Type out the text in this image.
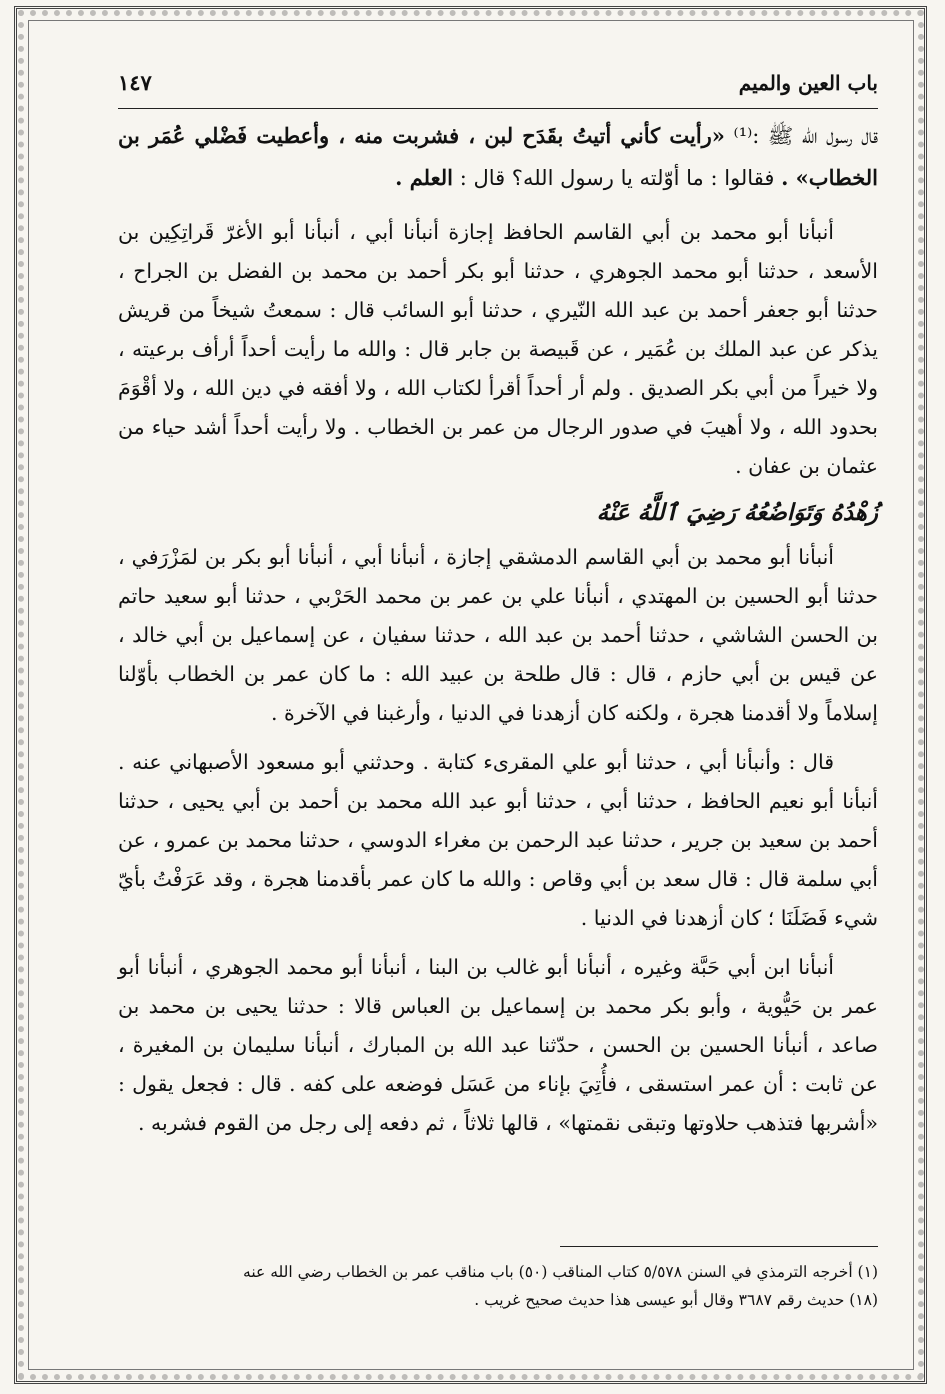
باب العين والميم
١٤٧

قال رسول الله ﷺ :⁽¹⁾ «رأيت كأني أتيتُ بقَدَح لبن ، فشربت منه ، وأعطيت فَضْلي عُمَر بن الخطاب» . فقالوا : ما أوّلته يا رسول الله؟ قال : العلم .

أنبأنا أبو محمد بن أبي القاسم الحافظ إجازة أنبأنا أبي ، أنبأنا أبو الأغرّ قَراتِكِين بن الأسعد ، حدثنا أبو محمد الجوهري ، حدثنا أبو بكر أحمد بن محمد بن الفضل بن الجراح ، حدثنا أبو جعفر أحمد بن عبد الله النّيري ، حدثنا أبو السائب قال : سمعتُ شيخاً من قريش يذكر عن عبد الملك بن عُمَير ، عن قَبيصة بن جابر قال : والله ما رأيت أحداً أرأف برعيته ، ولا خيراً من أبي بكر الصديق . ولم أر أحداً أقرأ لكتاب الله ، ولا أفقه في دين الله ، ولا أقْوَمَ بحدود الله ، ولا أهيبَ في صدور الرجال من عمر بن الخطاب . ولا رأيت أحداً أشد حياء من عثمان بن عفان .

زُهْدُهُ وَتَوَاضُعُهُ رَضِيَ ٱللَّهُ عَنْهُ

أنبأنا أبو محمد بن أبي القاسم الدمشقي إجازة ، أنبأنا أبي ، أنبأنا أبو بكر بن لمَزْرَفي ، حدثنا أبو الحسين بن المهتدي ، أنبأنا علي بن عمر بن محمد الحَرْبي ، حدثنا أبو سعيد حاتم بن الحسن الشاشي ، حدثنا أحمد بن عبد الله ، حدثنا سفيان ، عن إسماعيل بن أبي خالد ، عن قيس بن أبي حازم ، قال : قال طلحة بن عبيد الله : ما كان عمر بن الخطاب بأوّلنا إسلاماً ولا أقدمنا هجرة ، ولكنه كان أزهدنا في الدنيا ، وأرغبنا في الآخرة .

قال : وأنبأنا أبي ، حدثنا أبو علي المقرىء كتابة . وحدثني أبو مسعود الأصبهاني عنه . أنبأنا أبو نعيم الحافظ ، حدثنا أبي ، حدثنا أبو عبد الله محمد بن أحمد بن أبي يحيى ، حدثنا أحمد بن سعيد بن جرير ، حدثنا عبد الرحمن بن مغراء الدوسي ، حدثنا محمد بن عمرو ، عن أبي سلمة قال : قال سعد بن أبي وقاص : والله ما كان عمر بأقدمنا هجرة ، وقد عَرَفْتُ بأيّ شيء فَضَلَنَا ؛ كان أزهدنا في الدنيا .

أنبأنا ابن أبي حَبَّة وغيره ، أنبأنا أبو غالب بن البنا ، أنبأنا أبو محمد الجوهري ، أنبأنا أبو عمر بن حَيُّوية ، وأبو بكر محمد بن إسماعيل بن العباس قالا : حدثنا يحيى بن محمد بن صاعد ، أنبأنا الحسين بن الحسن ، حدّثنا عبد الله بن المبارك ، أنبأنا سليمان بن المغيرة ، عن ثابت : أن عمر استسقى ، فأُتِيَ بإناء من عَسَل فوضعه على كفه . قال : فجعل يقول : «أشربها فتذهب حلاوتها وتبقى نقمتها» ، قالها ثلاثاً ، ثم دفعه إلى رجل من القوم فشربه .

(١) أخرجه الترمذي في السنن ٥/٥٧٨ كتاب المناقب (٥٠) باب مناقب عمر بن الخطاب رضي الله عنه

(١٨) حديث رقم ٣٦٨٧ وقال أبو عيسى هذا حديث صحيح غريب .
